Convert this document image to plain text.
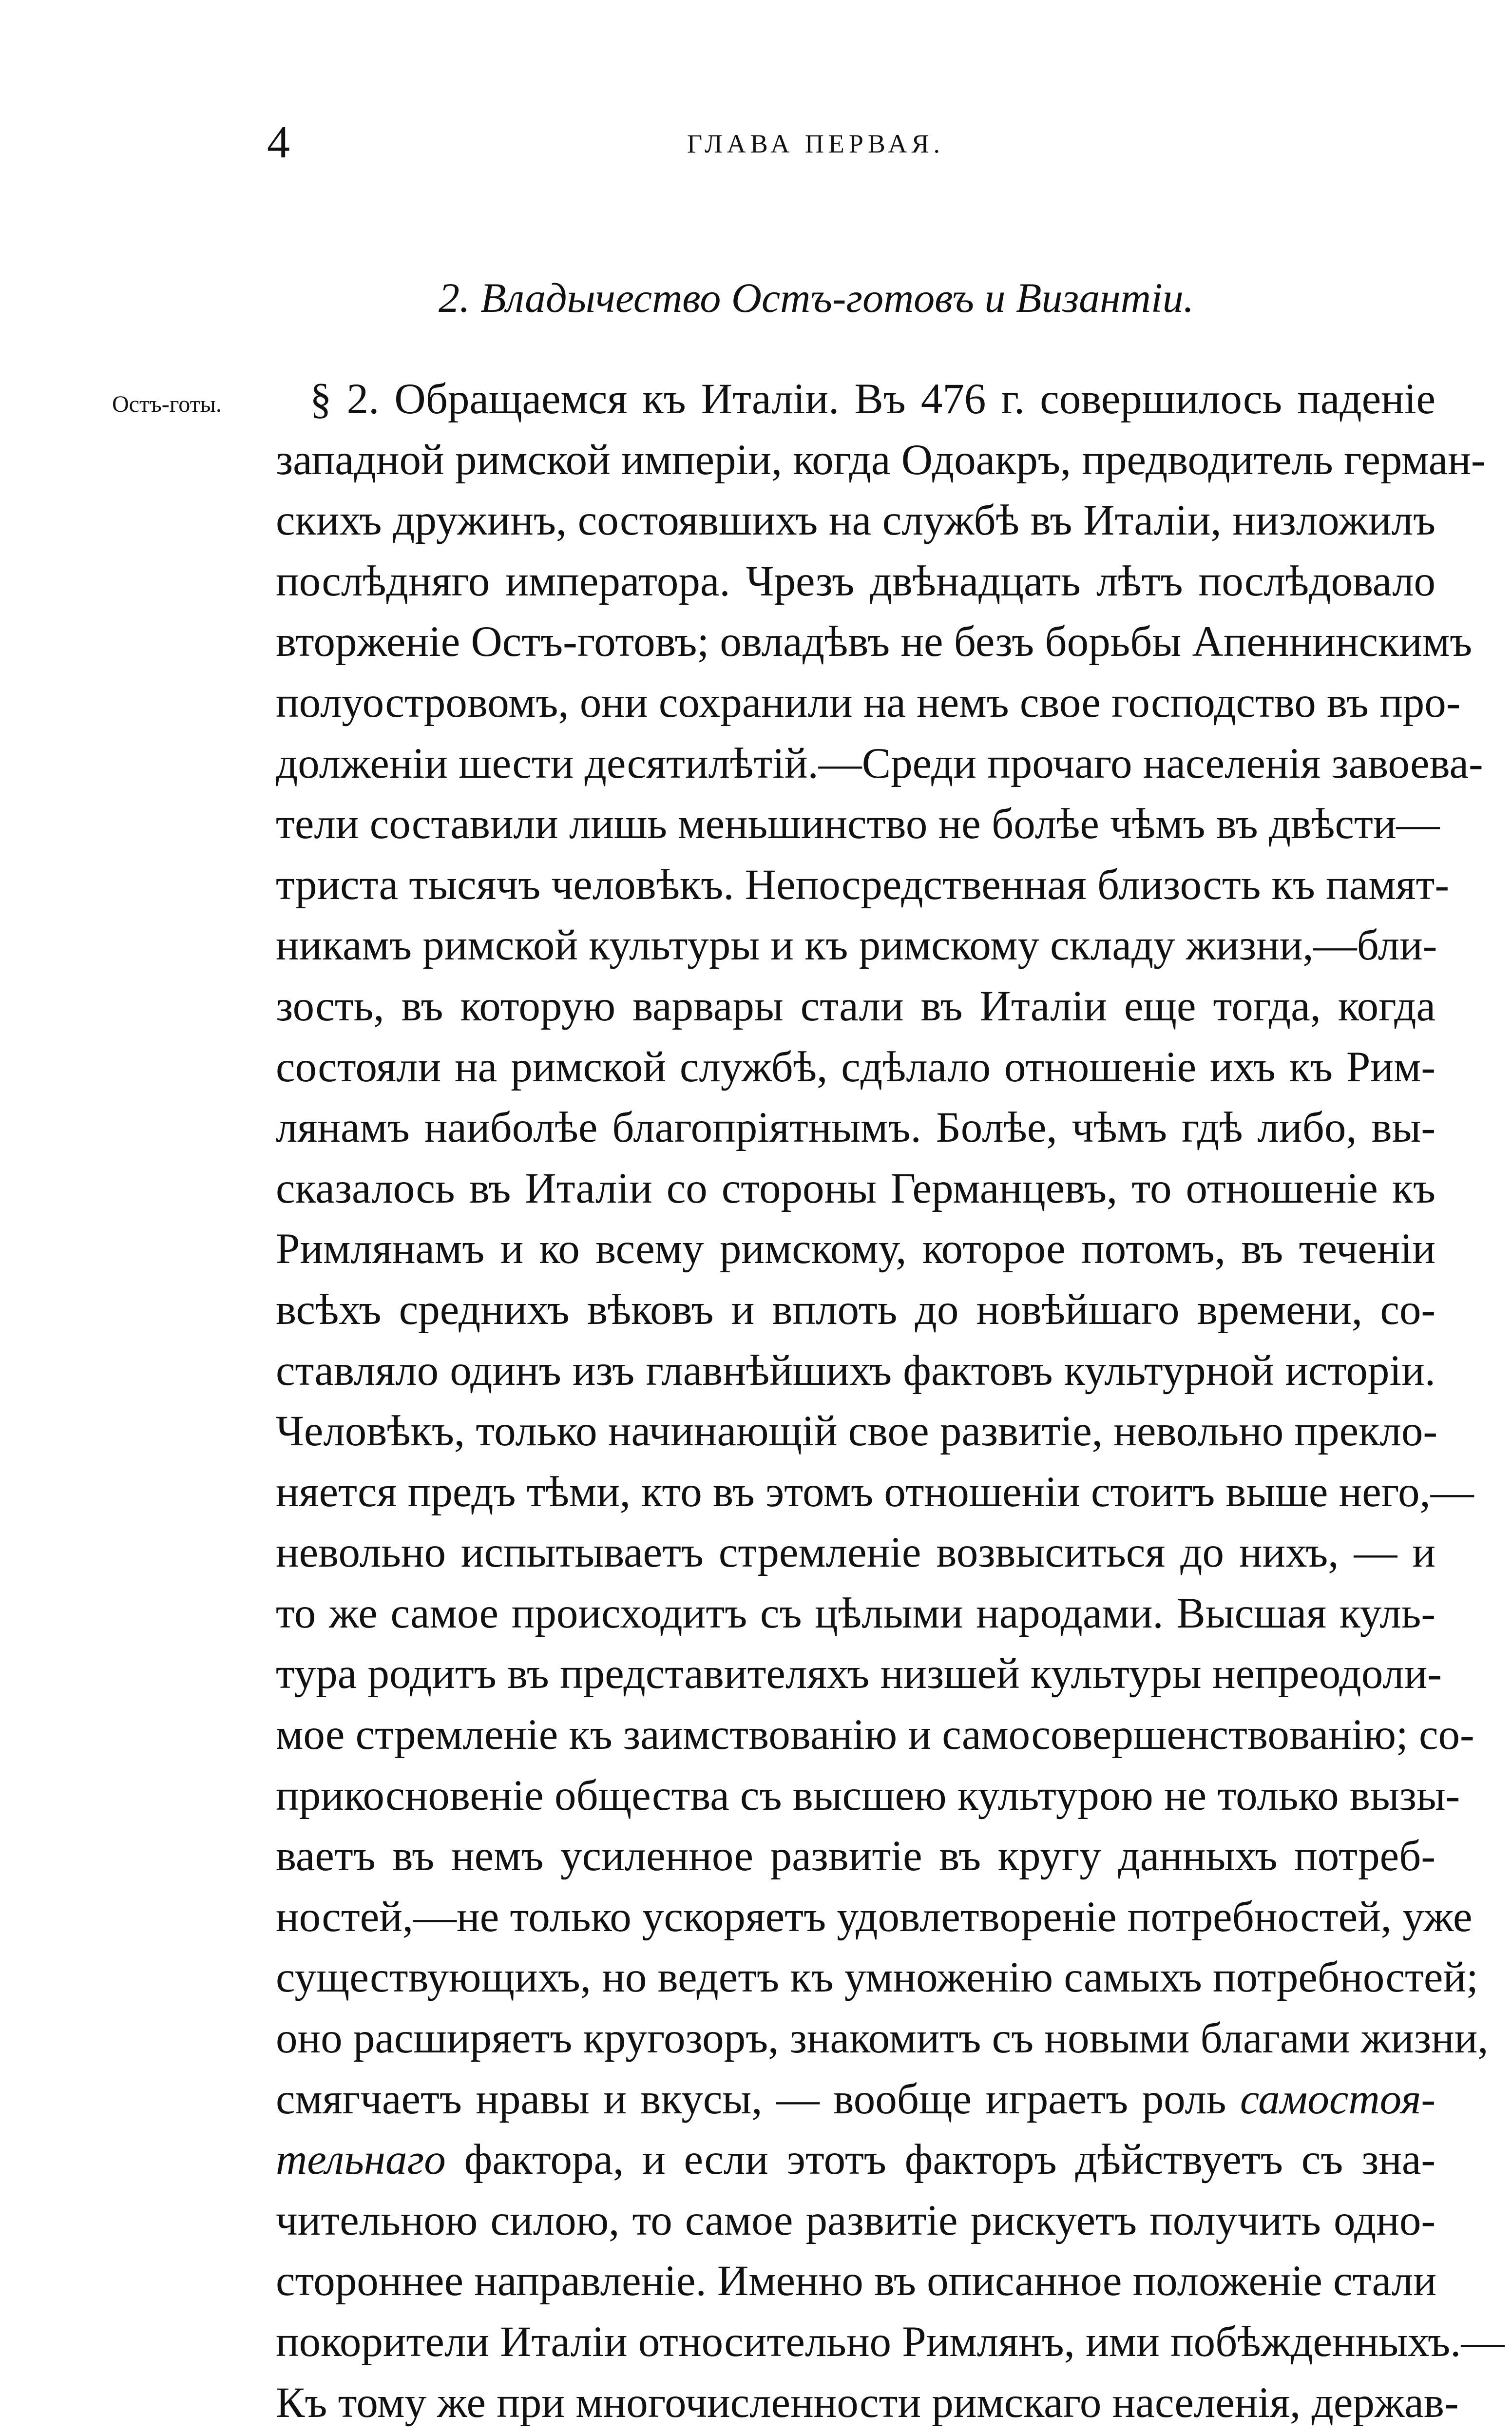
4	ГЛАВА ПЕРВАЯ.
2. Владычество Остъ-готовъ и Византіи.
Остъ-готы.	§ 2. Обращаемся къ Италіи. Въ 476 г. совершилось паденіе
западной римской имперіи, когда Одоакръ, предводитель герман-
скихъ дружинъ, состоявшихъ на службѣ въ Италіи, низложилъ
послѣдняго императора. Чрезъ двѣнадцать лѣтъ послѣдовало
вторженіе Остъ-готовъ; овладѣвъ не безъ борьбы Апеннинскимъ
полуостровомъ, они сохранили на немъ свое господство въ про-
долженіи шести десятилѣтій.—Среди прочаго населенія завоева-
тели составили лишь меньшинство не болѣе чѣмъ въ двѣсти—
триста тысячъ человѣкъ. Непосредственная близость къ памят-
никамъ римской культуры и къ римскому складу жизни,—бли-
зость, въ которую варвары стали въ Италіи еще тогда, когда
состояли на римской службѣ, сдѣлало отношеніе ихъ къ Рим-
лянамъ наиболѣе благопріятнымъ. Болѣе, чѣмъ гдѣ либо, вы-
сказалось въ Италіи со стороны Германцевъ, то отношеніе къ
Римлянамъ и ко всему римскому, которое потомъ, въ теченіи
всѣхъ среднихъ вѣковъ и вплоть до новѣйшаго времени, со-
ставляло одинъ изъ главнѣйшихъ фактовъ культурной исторіи.
Человѣкъ, только начинающій свое развитіе, невольно прекло-
няется предъ тѣми, кто въ этомъ отношеніи стоитъ выше него,—
невольно испытываетъ стремленіе возвыситься до нихъ, — и
то же самое происходитъ съ цѣлыми народами. Высшая куль-
тура родитъ въ представителяхъ низшей культуры непреодоли-
мое стремленіе къ заимствованію и самосовершенствованію; со-
прикосновеніе общества съ высшею культурою не только вызы-
ваетъ въ немъ усиленное развитіе въ кругу данныхъ потреб-
ностей,—не только ускоряетъ удовлетвореніе потребностей, уже
существующихъ, но ведетъ къ умноженію самыхъ потребностей;
оно расширяетъ кругозоръ, знакомитъ съ новыми благами жизни,
смягчаетъ нравы и вкусы, — вообще играетъ роль самостоя-
тельнаго фактора, и если этотъ факторъ дѣйствуетъ съ зна-
чительною силою, то самое развитіе рискуетъ получить одно-
стороннее направленіе. Именно въ описанное положеніе стали
покорители Италіи относительно Римлянъ, ими побѣжденныхъ.—
Къ тому же при многочисленности римскаго населенія, держав-
